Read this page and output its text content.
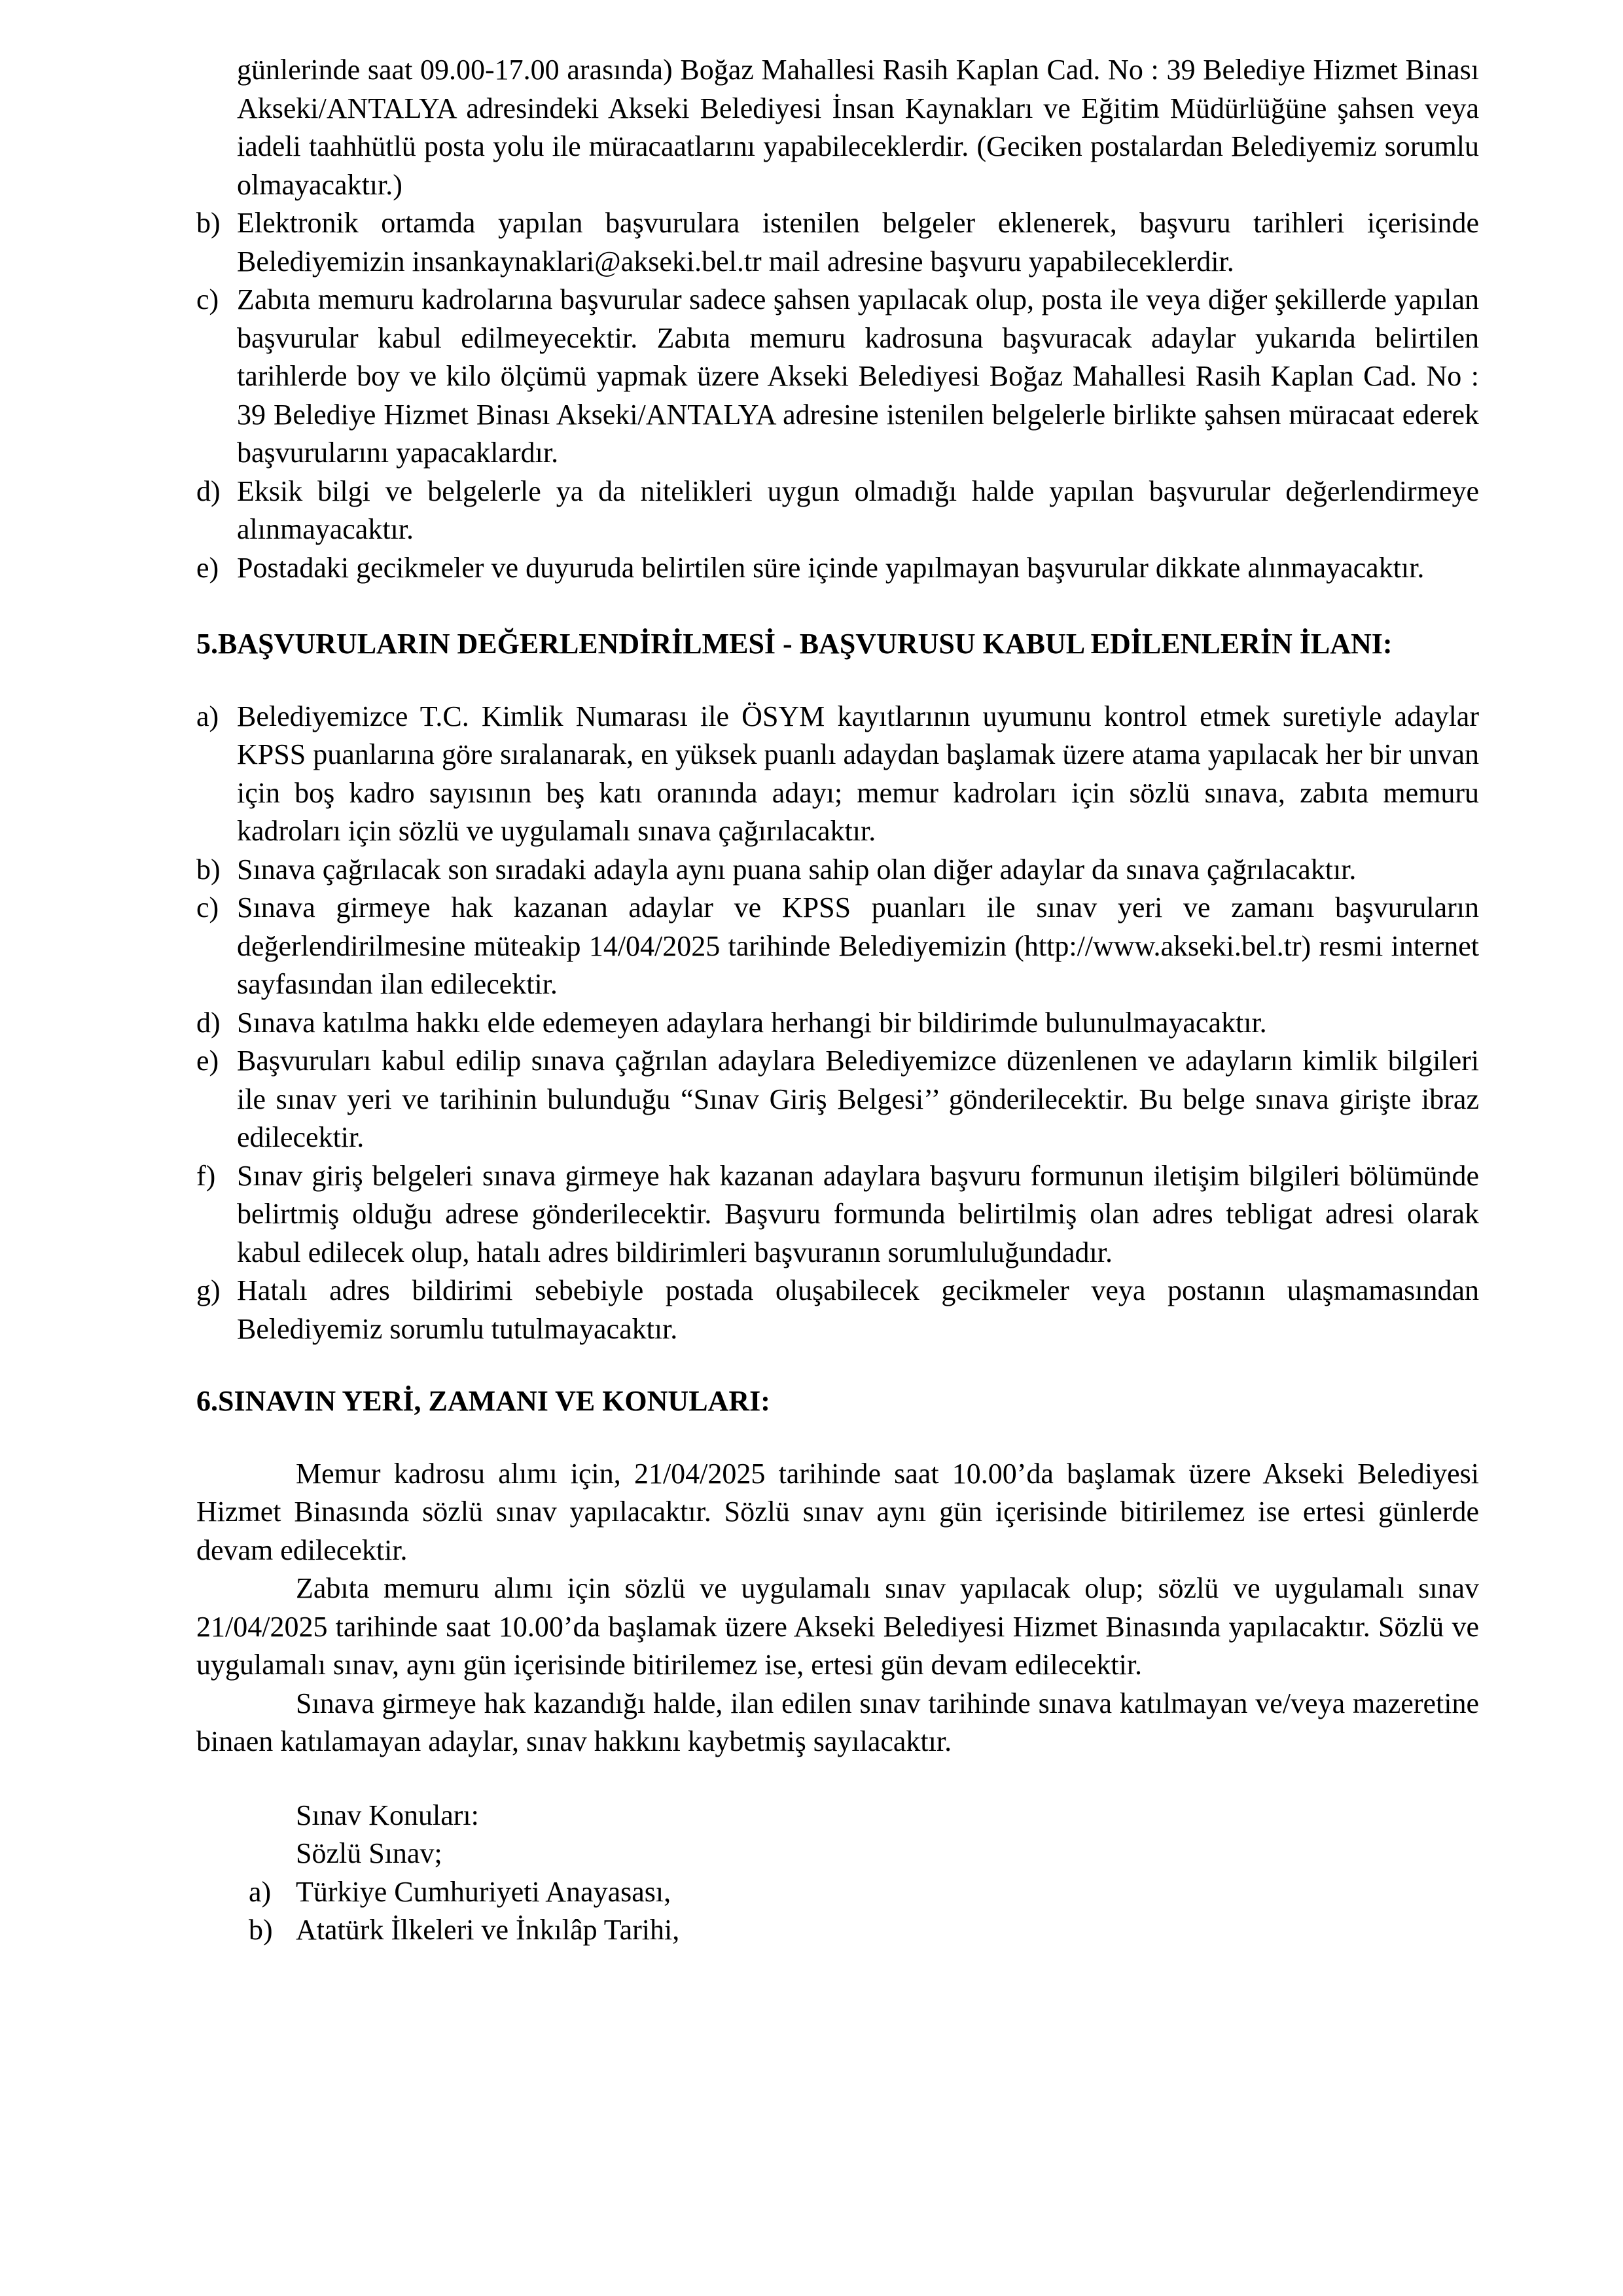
günlerinde saat 09.00-17.00 arasında) Boğaz Mahallesi Rasih Kaplan Cad. No : 39 Belediye Hizmet Binası Akseki/ANTALYA adresindeki Akseki Belediyesi İnsan Kaynakları ve Eğitim Müdürlüğüne şahsen veya iadeli taahhütlü posta yolu ile müracaatlarını yapabileceklerdir. (Geciken postalardan Belediyemiz sorumlu olmayacaktır.)
b) Elektronik ortamda yapılan başvurulara istenilen belgeler eklenerek, başvuru tarihleri içerisinde Belediyemizin insankaynaklari@akseki.bel.tr mail adresine başvuru yapabileceklerdir.
c) Zabıta memuru kadrolarına başvurular sadece şahsen yapılacak olup, posta ile veya diğer şekillerde yapılan başvurular kabul edilmeyecektir. Zabıta memuru kadrosuna başvuracak adaylar yukarıda belirtilen tarihlerde boy ve kilo ölçümü yapmak üzere Akseki Belediyesi Boğaz Mahallesi Rasih Kaplan Cad. No : 39 Belediye Hizmet Binası Akseki/ANTALYA adresine istenilen belgelerle birlikte şahsen müracaat ederek başvurularını yapacaklardır.
d) Eksik bilgi ve belgelerle ya da nitelikleri uygun olmadığı halde yapılan başvurular değerlendirmeye alınmayacaktır.
e) Postadaki gecikmeler ve duyuruda belirtilen süre içinde yapılmayan başvurular dikkate alınmayacaktır.
5.BAŞVURULARIN DEĞERLENDİRİLMESİ - BAŞVURUSU KABUL EDİLENLERİN İLANI:
a) Belediyemizce T.C. Kimlik Numarası ile ÖSYM kayıtlarının uyumunu kontrol etmek suretiyle adaylar KPSS puanlarına göre sıralanarak, en yüksek puanlı adaydan başlamak üzere atama yapılacak her bir unvan için boş kadro sayısının beş katı oranında adayı; memur kadroları için sözlü sınava, zabıta memuru kadroları için sözlü ve uygulamalı sınava çağırılacaktır.
b) Sınava çağrılacak son sıradaki adayla aynı puana sahip olan diğer adaylar da sınava çağrılacaktır.
c) Sınava girmeye hak kazanan adaylar ve KPSS puanları ile sınav yeri ve zamanı başvuruların değerlendirilmesine müteakip 14/04/2025 tarihinde Belediyemizin (http://www.akseki.bel.tr) resmi internet sayfasından ilan edilecektir.
d) Sınava katılma hakkı elde edemeyen adaylara herhangi bir bildirimde bulunulmayacaktır.
e) Başvuruları kabul edilip sınava çağrılan adaylara Belediyemizce düzenlenen ve adayların kimlik bilgileri ile sınav yeri ve tarihinin bulunduğu “Sınav Giriş Belgesi’’ gönderilecektir. Bu belge sınava girişte ibraz edilecektir.
f) Sınav giriş belgeleri sınava girmeye hak kazanan adaylara başvuru formunun iletişim bilgileri bölümünde belirtmiş olduğu adrese gönderilecektir. Başvuru formunda belirtilmiş olan adres tebligat adresi olarak kabul edilecek olup, hatalı adres bildirimleri başvuranın sorumluluğundadır.
g) Hatalı adres bildirimi sebebiyle postada oluşabilecek gecikmeler veya postanın ulaşmamasından Belediyemiz sorumlu tutulmayacaktır.
6.SINAVIN YERİ, ZAMANI VE KONULARI:
Memur kadrosu alımı için, 21/04/2025 tarihinde saat 10.00’da başlamak üzere Akseki Belediyesi Hizmet Binasında sözlü sınav yapılacaktır. Sözlü sınav aynı gün içerisinde bitirilemez ise ertesi günlerde devam edilecektir.
Zabıta memuru alımı için sözlü ve uygulamalı sınav yapılacak olup; sözlü ve uygulamalı sınav 21/04/2025 tarihinde saat 10.00’da başlamak üzere Akseki Belediyesi Hizmet Binasında yapılacaktır. Sözlü ve uygulamalı sınav, aynı gün içerisinde bitirilemez ise, ertesi gün devam edilecektir.
Sınava girmeye hak kazandığı halde, ilan edilen sınav tarihinde sınava katılmayan ve/veya mazeretine binaen katılamayan adaylar, sınav hakkını kaybetmiş sayılacaktır.
Sınav Konuları:
Sözlü Sınav;
a) Türkiye Cumhuriyeti Anayasası,
b) Atatürk İlkeleri ve İnkılâp Tarihi,
